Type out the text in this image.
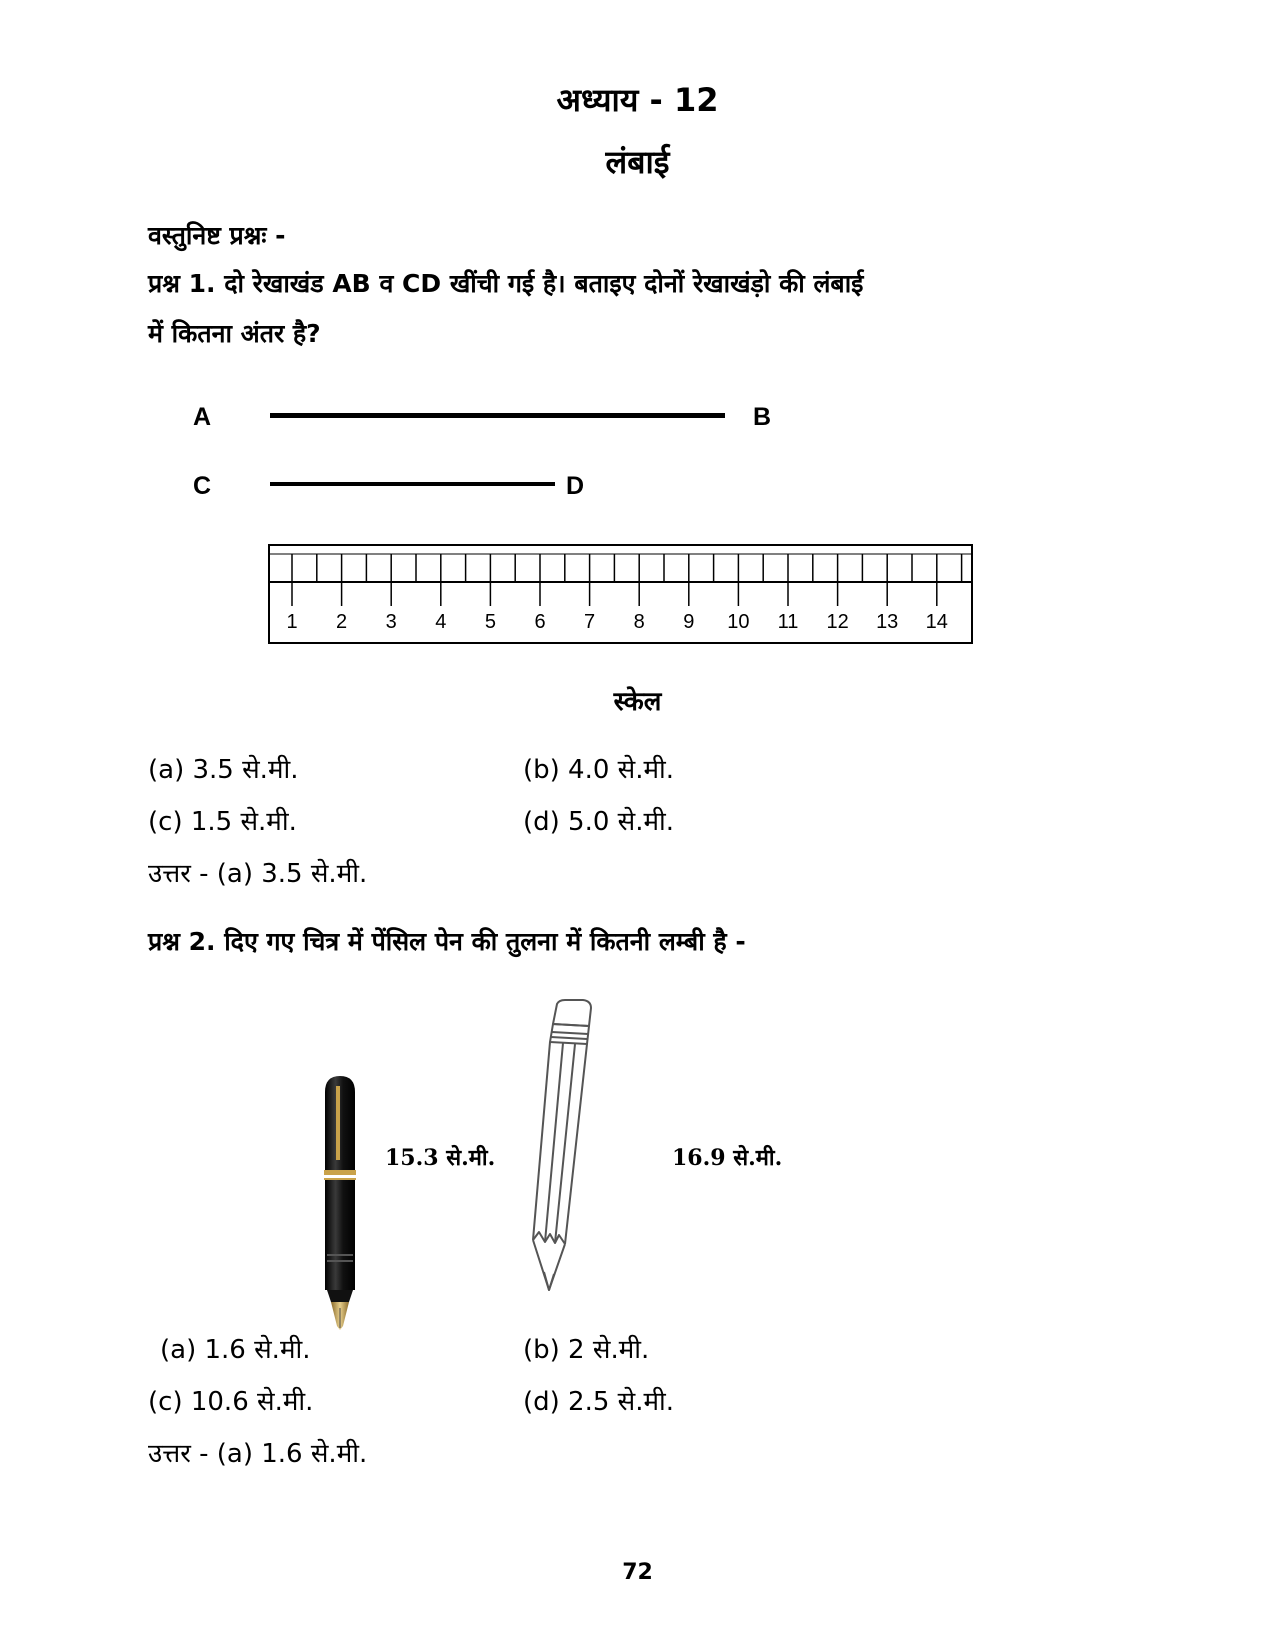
अध्याय - 12
लंबाई
वस्तुनिष्ट प्रश्नः -
प्रश्न 1. दो रेखाखंड AB व CD खींची गई है। बताइए दोनों रेखाखंड़ो की लंबाई
में कितना अंतर है?
A	B
C	D
1 2 3 4 5 6 7 8 9 10 11 12 13 14
स्केल
(a) 3.5 से.मी.	(b) 4.0 से.मी.
(c) 1.5 से.मी.	(d) 5.0 से.मी.
उत्तर - (a) 3.5 से.मी.
प्रश्न 2. दिए गए चित्र में पेंसिल पेन की तुलना में कितनी लम्बी है -
15.3 से.मी.	16.9 से.मी.
(a) 1.6 से.मी.	(b) 2 से.मी.
(c) 10.6 से.मी.	(d) 2.5 से.मी.
उत्तर - (a) 1.6 से.मी.
72
